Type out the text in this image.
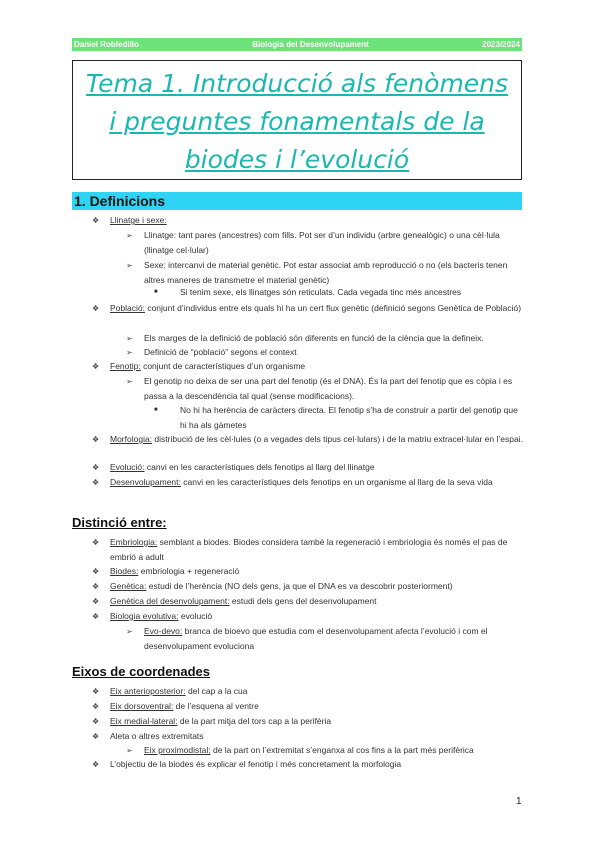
Daniel Robledillo	Biologia del Desenvolupament	2023/2024
Tema 1. Introducció als fenòmens i preguntes fonamentals de la biodes i l’evolució
1. Definicions
❖ Llinatge i sexe:
➢ Llinatge: tant pares (ancestres) com fills. Pot ser d’un individu (arbre genealògic) o una cèl·lula (llinatge cel·lular)
➢ Sexe: intercanvi de material genètic. Pot estar associat amb reproducció o no (els bacteris tenen altres maneres de transmetre el material genètic)
■ Si tenim sexe, els llinatges són reticulats. Cada vegada tinc més ancestres
❖ Població: conjunt d’individus entre els quals hi ha un cert flux genètic (definició segons Genètica de Població)
➢ Els marges de la definició de població són diferents en funció de la ciència que la defineix.
➢ Definició de “població” segons el context
❖ Fenotip: conjunt de característiques d’un organisme
➢ El genotip no deixa de ser una part del fenotip (és el DNA). És la part del fenotip que es còpia i es passa a la descendència tal qual (sense modificacions).
■ No hi ha herència de caràcters directa. El fenotip s’ha de construir a partir del genotip que hi ha als gàmetes
❖ Morfologia: distribució de les cèl·lules (o a vegades dels tipus cel·lulars) i de la matriu extracel·lular en l’espai.
❖ Evolució: canvi en les característiques dels fenotips al llarg del llinatge
❖ Desenvolupament: canvi en les característiques dels fenotips en un organisme al llarg de la seva vida
Distinció entre:
❖ Embriologia: semblant a biodes. Biodes considera també la regeneració i embriologia és només el pas de embrió a adult
❖ Biodes: embriologia + regeneració
❖ Genètica: estudi de l’herència (NO dels gens, ja que el DNA es va descobrir posteriorment)
❖ Genètica del desenvolupament: estudi dels gens del desenvolupament
❖ Biologia evolutiva: evolució
➢ Evo-devo: branca de bioevo que estudia com el desenvolupament afecta l’evolució i com el desenvolupament evoluciona
Eixos de coordenades
❖ Eix anterioposterior: del cap a la cua
❖ Eix dorsoventral: de l’esquena al ventre
❖ Eix medial-lateral: de la part mitja del tors cap a la perifèria
❖ Aleta o altres extremitats
➢ Eix proximodistal: de la part on l’extremitat s’enganxa al cos fins a la part més perifèrica
❖ L’objectiu de la biodes és explicar el fenotip i més concretament la morfologia
1
